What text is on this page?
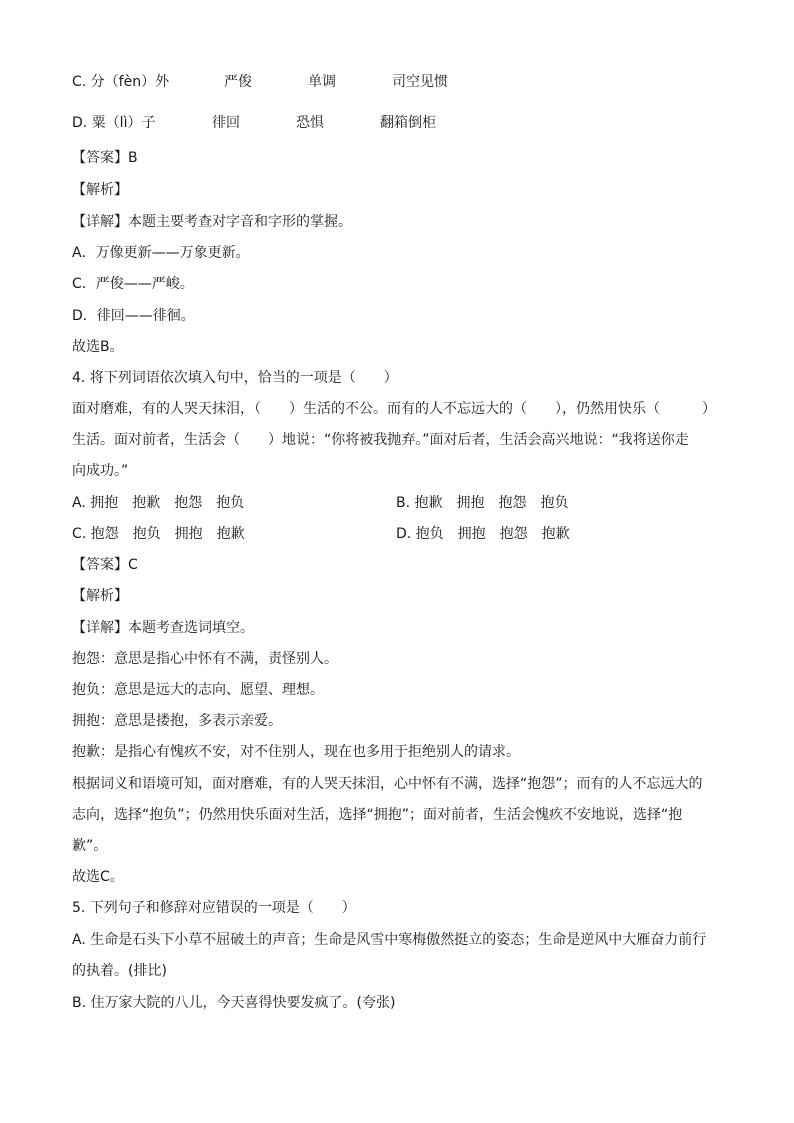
C. 分（fèn）外	严俊	单调	司空见惯
D. 粟（lì）子	徘回	恐惧	翻箱倒柜
【答案】B
【解析】
【详解】本题主要考查对字音和字形的掌握。
A．万像更新——万象更新。
C．严俊——严峻。
D．徘回——徘徊。
故选B。
4. 将下列词语依次填入句中，恰当的一项是（　　）
面对磨难，有的人哭天抹泪，（　　）生活的不公。而有的人不忘远大的（　　），仍然用快乐（　　　）
生活。面对前者，生活会（　　）地说：“你将被我抛弃。”面对后者，生活会高兴地说：“我将送你走
向成功。”
A. 拥抱　抱歉　抱怨　抱负	B. 抱歉　拥抱　抱怨　抱负
C. 抱怨　抱负　拥抱　抱歉	D. 抱负　拥抱　抱怨　抱歉
【答案】C
【解析】
【详解】本题考查选词填空。
抱怨：意思是指心中怀有不满，责怪别人。
抱负：意思是远大的志向、愿望、理想。
拥抱：意思是搂抱，多表示亲爱。
抱歉：是指心有愧疚不安，对不住别人，现在也多用于拒绝别人的请求。
根据词义和语境可知，面对磨难，有的人哭天抹泪，心中怀有不满，选择“抱怨”；而有的人不忘远大的
志向，选择“抱负”；仍然用快乐面对生活，选择“拥抱”；面对前者，生活会愧疚不安地说，选择“抱
歉”。
故选C。
5. 下列句子和修辞对应错误的一项是（　　）
A. 生命是石头下小草不屈破土的声音；生命是风雪中寒梅傲然挺立的姿态；生命是逆风中大雁奋力前行
的执着。(排比)
B. 住万家大院的八儿，今天喜得快要发疯了。(夸张)
